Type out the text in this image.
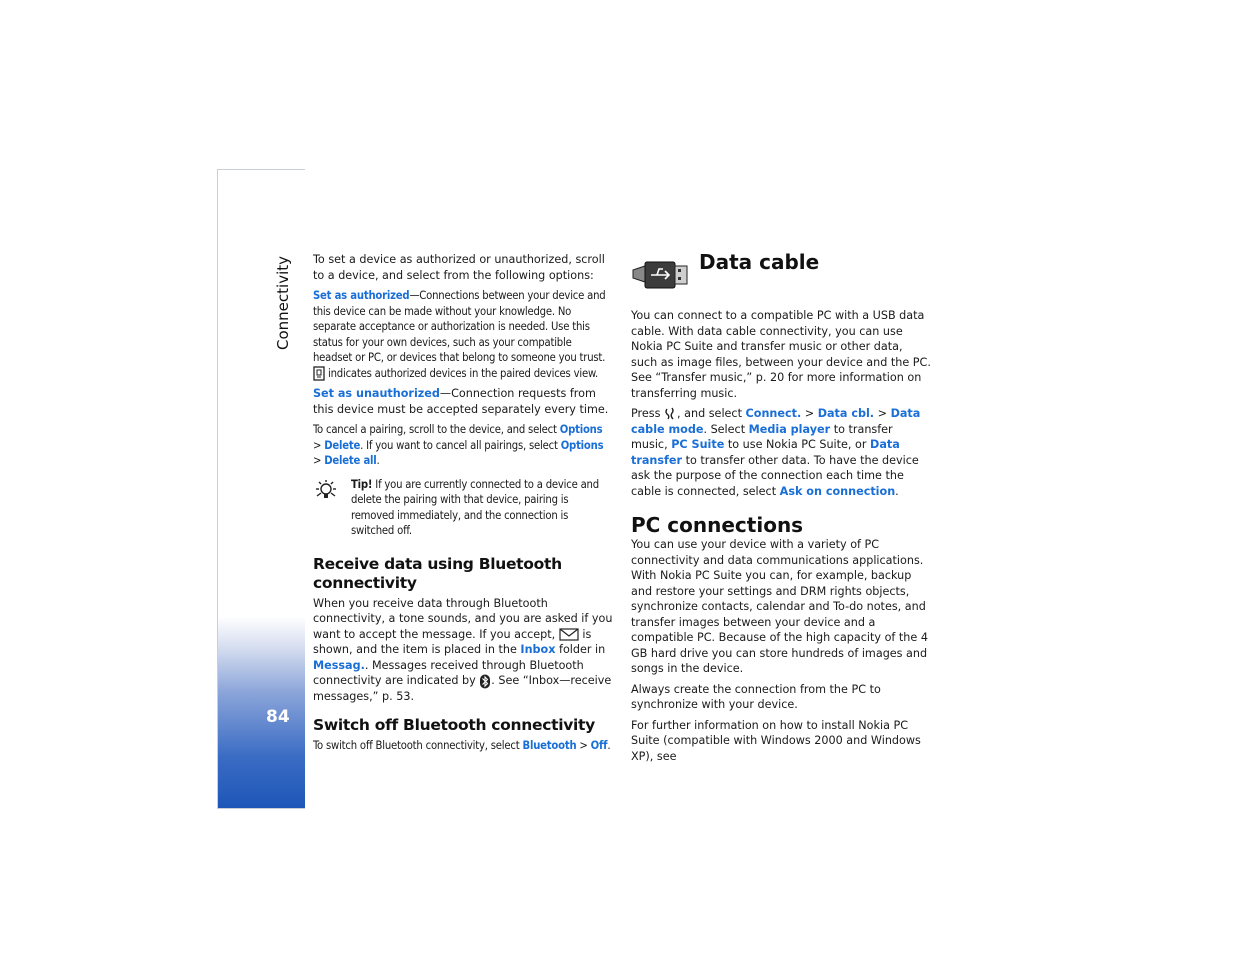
Connectivity
84

To set a device as authorized or unauthorized, scroll to a device, and select from the following options:

Set as authorized—Connections between your device and this device can be made without your knowledge. No separate acceptance or authorization is needed. Use this status for your own devices, such as your compatible headset or PC, or devices that belong to someone you trust.  indicates authorized devices in the paired devices view.

Set as unauthorized—Connection requests from this device must be accepted separately every time.

To cancel a pairing, scroll to the device, and select Options > Delete. If you want to cancel all pairings, select Options > Delete all.

Tip! If you are currently connected to a device and delete the pairing with that device, pairing is removed immediately, and the connection is switched off.
Receive data using Bluetooth connectivity

When you receive data through Bluetooth connectivity, a tone sounds, and you are asked if you want to accept the message. If you accept, is shown, and the item is placed in the Inbox folder in Messag.. Messages received through Bluetooth connectivity are indicated by . See “Inbox—receive messages,” p. 53.

Switch off Bluetooth connectivity

To switch off Bluetooth connectivity, select Bluetooth > Off.

Data cable

You can connect to a compatible PC with a USB data cable. With data cable connectivity, you can use Nokia PC Suite and transfer music or other data, such as image files, between your device and the PC. See “Transfer music,” p. 20 for more information on transferring music.

Press , and select Connect. > Data cbl. > Data cable mode. Select Media player to transfer music, PC Suite to use Nokia PC Suite, or Data transfer to transfer other data. To have the device ask the purpose of the connection each time the cable is connected, select Ask on connection.

PC connections

You can use your device with a variety of PC connectivity and data communications applications. With Nokia PC Suite you can, for example, backup and restore your settings and DRM rights objects, synchronize contacts, calendar and To-do notes, and transfer images between your device and a compatible PC. Because of the high capacity of the 4 GB hard drive you can store hundreds of images and songs in the device.

Always create the connection from the PC to synchronize with your device.

For further information on how to install Nokia PC Suite (compatible with Windows 2000 and Windows XP), see
